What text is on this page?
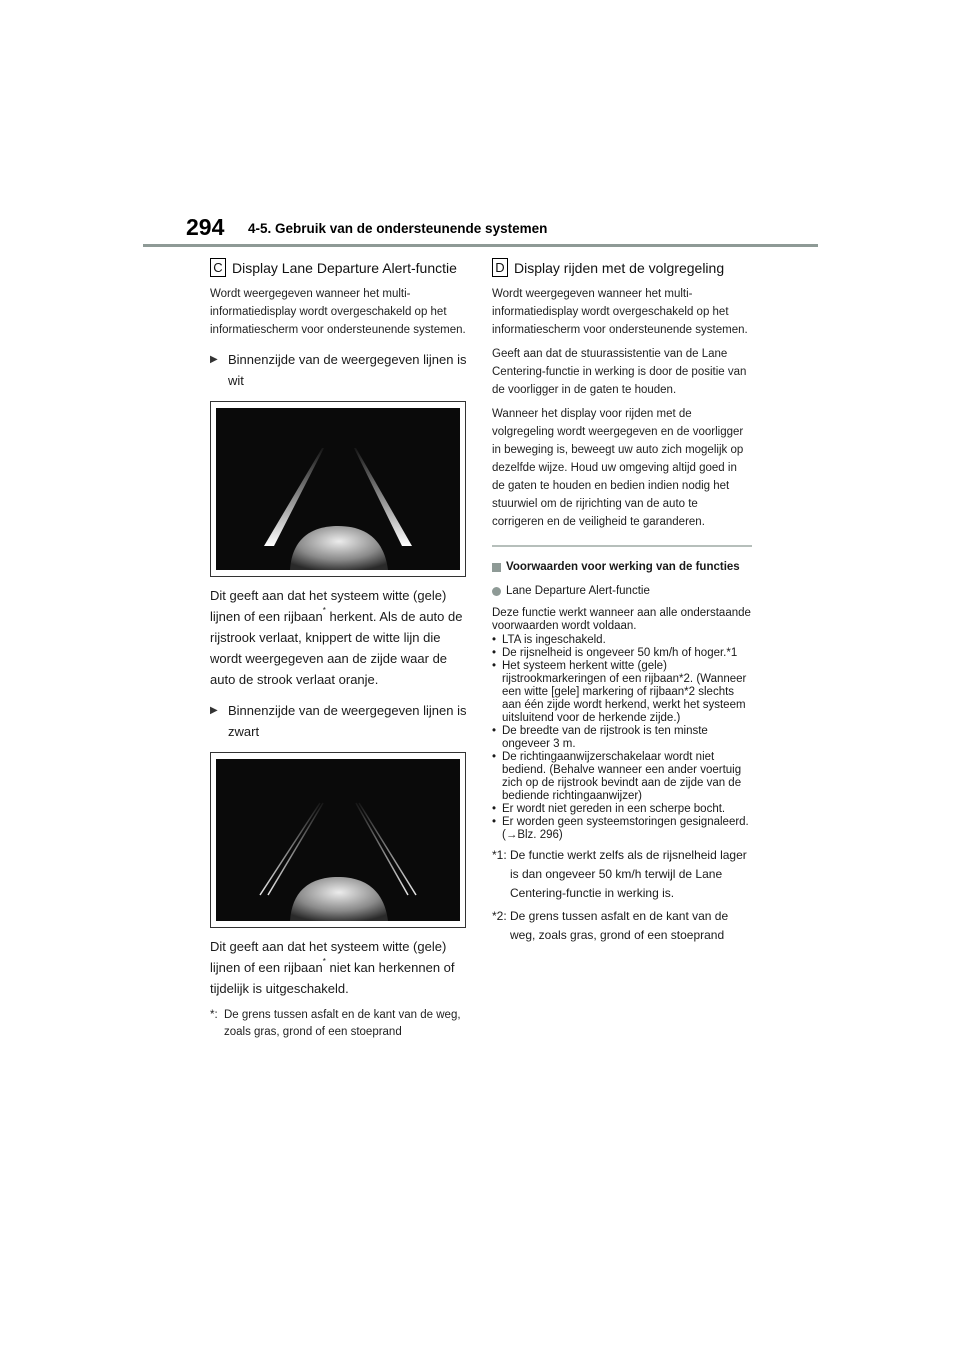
294 4-5. Gebruik van de ondersteunende systemen
C Display Lane Departure Alert-functie

Wordt weergegeven wanneer het multi-informatiedisplay wordt overgeschakeld op het informatiescherm voor ondersteunende systemen.

▶ Binnenzijde van de weergegeven lijnen is wit

Dit geeft aan dat het systeem witte (gele) lijnen of een rijbaan* herkent. Als de auto de rijstrook verlaat, knippert de witte lijn die wordt weergegeven aan de zijde waar de auto de strook verlaat oranje.

▶ Binnenzijde van de weergegeven lijnen is zwart

Dit geeft aan dat het systeem witte (gele) lijnen of een rijbaan* niet kan herkennen of tijdelijk is uitgeschakeld.

*: De grens tussen asfalt en de kant van de weg, zoals gras, grond of een stoeprand
D Display rijden met de volgregeling

Wordt weergegeven wanneer het multi-informatiedisplay wordt overgeschakeld op het informatiescherm voor ondersteunende systemen.

Geeft aan dat de stuurassistentie van de Lane Centering-functie in werking is door de positie van de voorligger in de gaten te houden.

Wanneer het display voor rijden met de volgregeling wordt weergegeven en de voorligger in beweging is, beweegt uw auto zich mogelijk op dezelfde wijze. Houd uw omgeving altijd goed in de gaten te houden en bedien indien nodig het stuurwiel om de rijrichting van de auto te corrigeren en de veiligheid te garanderen.

Voorwaarden voor werking van de functies
Lane Departure Alert-functie
Deze functie werkt wanneer aan alle onderstaande voorwaarden wordt voldaan.
• LTA is ingeschakeld.
• De rijsnelheid is ongeveer 50 km/h of hoger.*1
• Het systeem herkent witte (gele) rijstrookmarkeringen of een rijbaan*2. (Wanneer een witte [gele] markering of rijbaan*2 slechts aan één zijde wordt herkend, werkt het systeem uitsluitend voor de herkende zijde.)
• De breedte van de rijstrook is ten minste ongeveer 3 m.
• De richtingaanwijzerschakelaar wordt niet bediend. (Behalve wanneer een ander voertuig zich op de rijstrook bevindt aan de zijde van de bediende richtingaanwijzer)
• Er wordt niet gereden in een scherpe bocht.
• Er worden geen systeemstoringen gesignaleerd. (→Blz. 296)
*1: De functie werkt zelfs als de rijsnelheid lager is dan ongeveer 50 km/h terwijl de Lane Centering-functie in werking is.
*2: De grens tussen asfalt en de kant van de weg, zoals gras, grond of een stoeprand
